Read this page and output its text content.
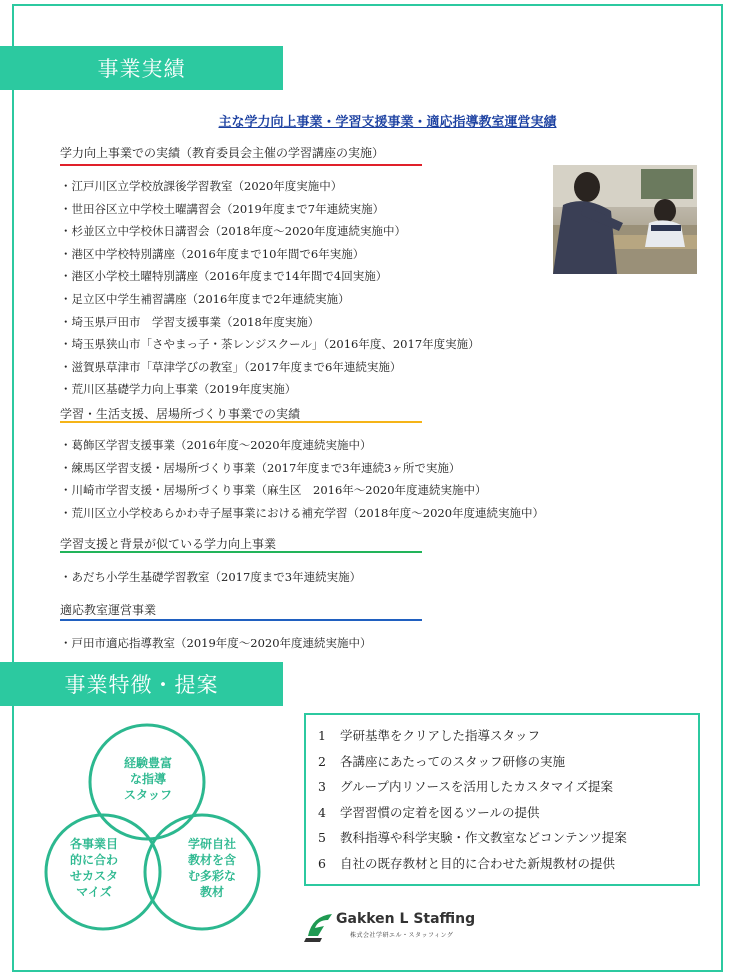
事業実績
主な学力向上事業・学習支援事業・適応指導教室運営実績
学力向上事業での実績（教育委員会主催の学習講座の実施）
・江戸川区立学校放課後学習教室（2020年度実施中）
・世田谷区立中学校土曜講習会（2019年度まで7年連続実施）
・杉並区立中学校休日講習会（2018年度～2020年度連続実施中）
・港区中学校特別講座（2016年度まで10年間で6年実施）
・港区小学校土曜特別講座（2016年度まで14年間で4回実施）
・足立区中学生補習講座（2016年度まで2年連続実施）
・埼玉県戸田市　学習支援事業（2018年度実施）
・埼玉県狭山市「さやまっ子・茶レンジスクール」（2016年度、2017年度実施）
・滋賀県草津市「草津学びの教室」（2017年度まで6年連続実施）
・荒川区基礎学力向上事業（2019年度実施）
学習・生活支援、居場所づくり事業での実績
・葛飾区学習支援事業（2016年度～2020年度連続実施中）
・練馬区学習支援・居場所づくり事業（2017年度まで3年連続3ヶ所で実施）
・川崎市学習支援・居場所づくり事業（麻生区　2016年～2020年度連続実施中）
・荒川区立小学校あらかわ寺子屋事業における補充学習（2018年度～2020年度連続実施中）
学習支援と背景が似ている学力向上事業
・あだち小学生基礎学習教室（2017度まで3年連続実施）
適応教室運営事業
・戸田市適応指導教室（2019年度～2020年度連続実施中）
事業特徴・提案
経験豊富
な指導
スタッフ
各事業目
的に合わ
せカスタ
マイズ
学研自社
教材を含
む多彩な
教材
1 学研基準をクリアした指導スタッフ
2 各講座にあたってのスタッフ研修の実施
3 グループ内リソースを活用したカスタマイズ提案
4 学習習慣の定着を図るツールの提供
5 教科指導や科学実験・作文教室などコンテンツ提案
6 自社の既存教材と目的に合わせた新規教材の提供
Gakken L Staffing
株式会社学研エル・スタッフィング
